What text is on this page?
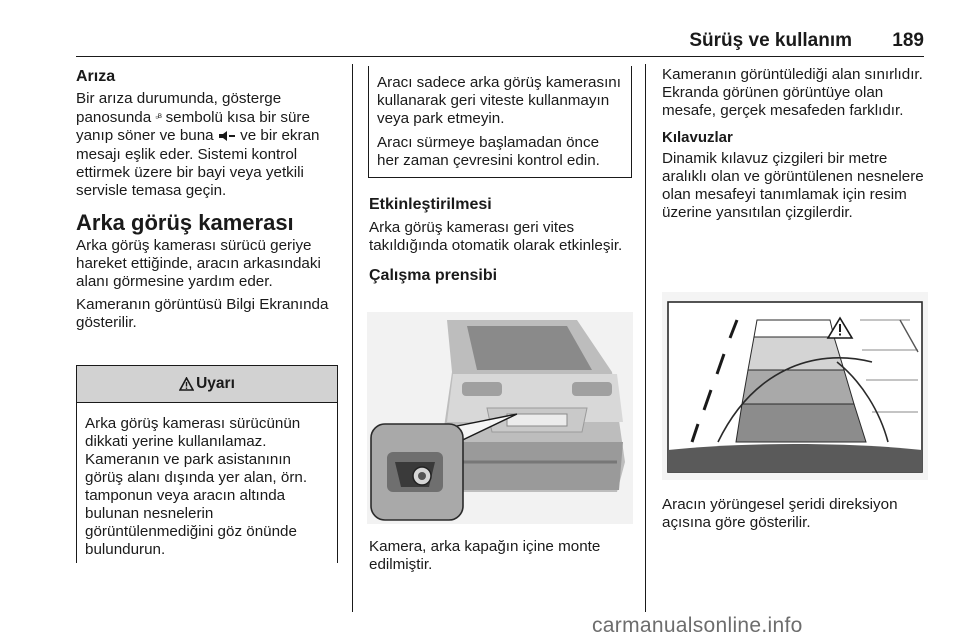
Sürüş ve kullanım 189
Arıza

Bir arıza durumunda, gösterge panosunda ▫︎ᴮ sembolü kısa bir süre yanıp söner ve buna ve bir ekran mesajı eşlik eder. Sistemi kontrol ettirmek üzere bir bayi veya yetkili servisle temasa geçin.

Arka görüş kamerası

Arka görüş kamerası sürücü geriye hareket ettiğinde, aracın arkasındaki alanı görmesine yardım eder.

Kameranın görüntüsü Bilgi Ekranında gösterilir.

Uyarı

Arka görüş kamerası sürücünün dikkati yerine kullanılamaz.

Kameranın ve park asistanının görüş alanı dışında yer alan, örn. tamponun veya aracın altında bulunan nesnelerin görüntülenmediğini göz önünde bulundurun.

Aracı sadece arka görüş kamerasını kullanarak geri viteste kullanmayın veya park etmeyin.

Aracı sürmeye başlamadan önce her zaman çevresini kontrol edin.

Etkinleştirilmesi

Arka görüş kamerası geri vites takıldığında otomatik olarak etkinleşir.

Çalışma prensibi

Kamera, arka kapağın içine monte edilmiştir.

Kameranın görüntülediği alan sınırlıdır. Ekranda görünen görüntüye olan mesafe, gerçek mesafeden farklıdır.

Kılavuzlar

Dinamik kılavuz çizgileri bir metre aralıklı olan ve görüntülenen nesnelere olan mesafeyi tanımlamak için resim üzerine yansıtılan çizgilerdir.

Aracın yörüngesel şeridi direksiyon açısına göre gösterilir.

carmanualsonline.info
